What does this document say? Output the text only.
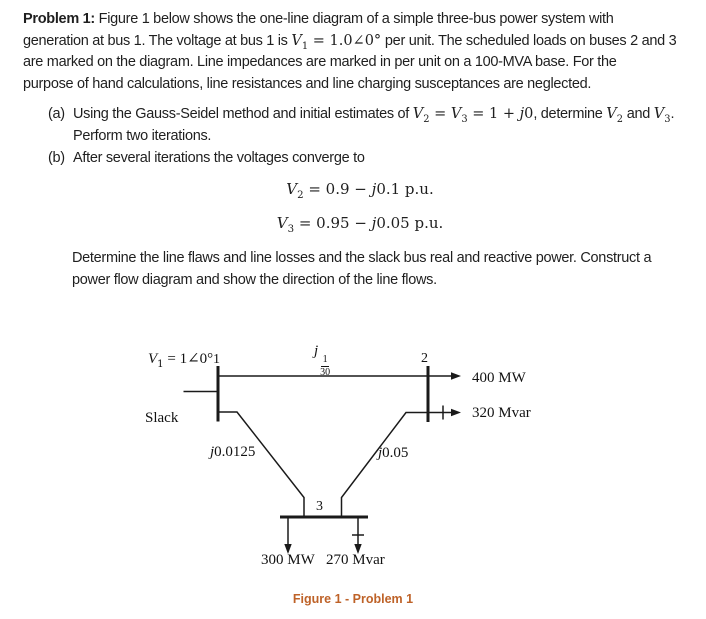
Problem 1: Figure 1 below shows the one-line diagram of a simple three-bus power system with
generation at bus 1. The voltage at bus 1 is $V_1$ = 1.0∠0° per unit. The scheduled loads on buses 2 and 3
are marked on the diagram. Line impedances are marked in per unit on a 100-MVA base. For the
purpose of hand calculations, line resistances and line charging susceptances are neglected.
(a) Using the Gauss-Seidel method and initial estimates of $V_2 = V_3 = 1 + j0$, determine $V_2$ and $V_3$.
Perform two iterations.
(b) After several iterations the voltages converge to
$V_2 = 0.9 - j0.1$ p.u.
$V_3 = 0.95 - j0.05$ p.u.
Determine the line flaws and line losses and the slack bus real and reactive power. Construct a
power flow diagram and show the direction of the line flows.
$V_1$ = 1∠0° 1
Slack
j
$\frac{1}{30}$	2
400 MW
320 Mvar
j0.0125	j0.05
3
300 MW 270 Mvar
Figure 1 - Problem 1
